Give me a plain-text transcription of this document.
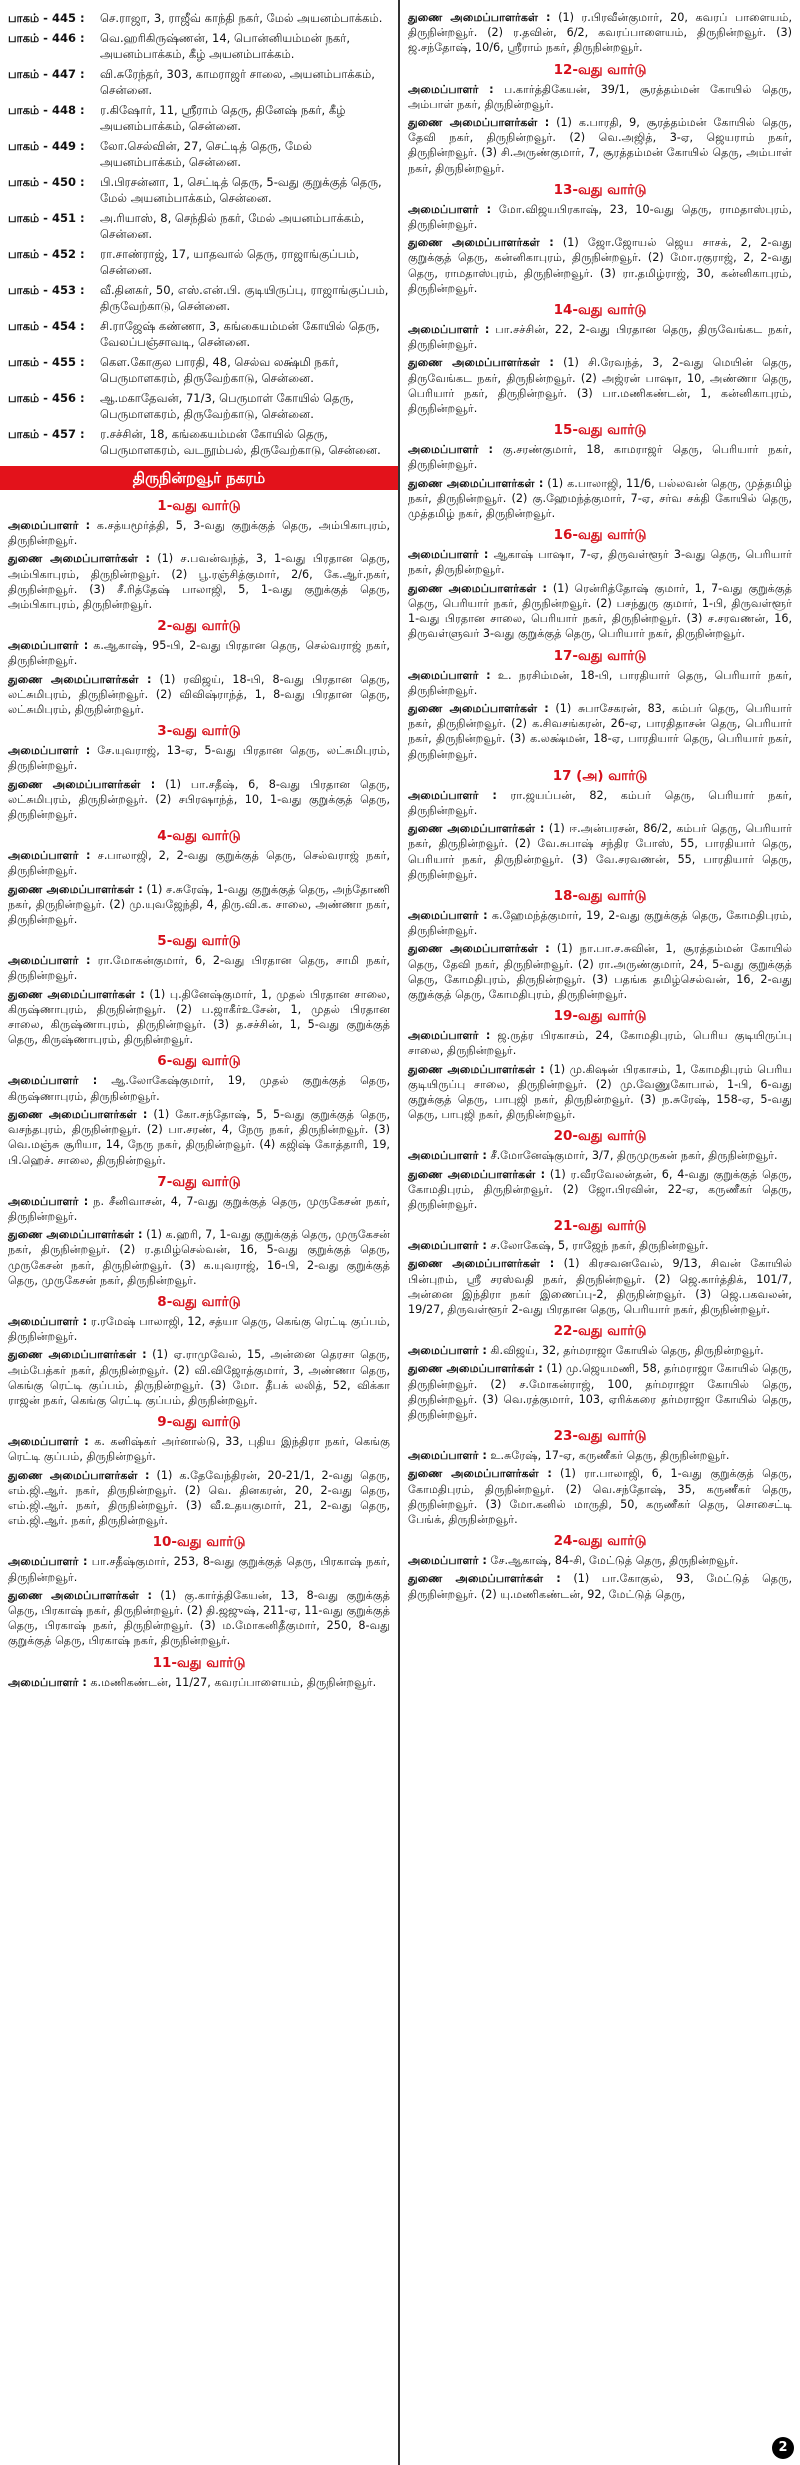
பாகம் - 445 :	செ.ராஜா, 3, ராஜீவ் காந்தி நகர், மேல் அயனம்பாக்கம்.
பாகம் - 446 :	வெ.ஹரிகிருஷ்ணன், 14, பொன்னியம்மன் நகர், அயனம்பாக்கம், கீழ் அயனம்பாக்கம்.
பாகம் - 447 :	வி.சுரேந்தர், 303, காமராஜர் சாலை, அயனம்பாக்கம், சென்னை.
பாகம் - 448 :	ர.கிஷோர், 11, ஸ்ரீராம் தெரு, தினேஷ் நகர், கீழ் அயனம்பாக்கம், சென்னை.
பாகம் - 449 :	லோ.செல்வின், 27, செட்டித் தெரு, மேல் அயனம்பாக்கம், சென்னை.
பாகம் - 450 :	பி.பிரசன்னா, 1, செட்டித் தெரு, 5-வது குறுக்குத் தெரு, மேல் அயனம்பாக்கம், சென்னை.
பாகம் - 451 :	அ.ரியாஸ், 8, செந்தில் நகர், மேல் அயனம்பாக்கம், சென்னை.
பாகம் - 452 :	ரா.சாண்ராஜ், 17, யாதவால் தெரு, ராஜாங்குப்பம், சென்னை.
பாகம் - 453 :	வீ.தினகர், 50, எஸ்.என்.பி. குடியிருப்பு, ராஜாங்குப்பம், திருவேற்காடு, சென்னை.
பாகம் - 454 :	சி.ராஜேஷ் கண்ணா, 3, கங்கையம்மன் கோயில் தெரு, வேலப்பஞ்சாவடி, சென்னை.
பாகம் - 455 :	கௌ.கோகுல பாரதி, 48, செல்வ லக்ஷ்மி நகர், பெருமாளகரம், திருவேற்காடு, சென்னை.
பாகம் - 456 :	ஆ.மகாதேவன், 71/3, பெருமாள் கோயில் தெரு, பெருமாளகரம், திருவேற்காடு, சென்னை.
பாகம் - 457 :	ர.சச்சின், 18, கங்கையம்மன் கோயில் தெரு, பெருமாளகரம், வடநூம்பல், திருவேற்காடு, சென்னை.
திருநின்றவூர் நகரம்
1-வது வார்டு

அமைப்பாளர் : க.சத்யமூர்த்தி, 5, 3-வது குறுக்குத் தெரு, அம்பிகாபுரம், திருநின்றவூர்.

துணை அமைப்பாளர்கள் : (1) ச.பவன்வந்த், 3, 1-வது பிரதான தெரு, அம்பிகாபுரம், திருநின்றவூர். (2) பூ.ரஞ்சித்குமார், 2/6, கே.ஆர்.நகர், திருநின்றவூர். (3) சீ.ரித்தேஷ் பாலாஜி, 5, 1-வது குறுக்குத் தெரு, அம்பிகாபுரம், திருநின்றவூர்.

2-வது வார்டு

அமைப்பாளர் : க.ஆகாஷ், 95-பி, 2-வது பிரதான தெரு, செல்வராஜ் நகர், திருநின்றவூர்.

துணை அமைப்பாளர்கள் : (1) ரவிஜய், 18-பி, 8-வது பிரதான தெரு, லட்சுமிபுரம், திருநின்றவூர். (2) விவிஷ்ராந்த், 1, 8-வது பிரதான தெரு, லட்சுமிபுரம், திருநின்றவூர்.

3-வது வார்டு

அமைப்பாளர் : சே.யுவராஜ், 13-ஏ, 5-வது பிரதான தெரு, லட்சுமிபுரம், திருநின்றவூர்.

துணை அமைப்பாளர்கள் : (1) பா.சதீஷ், 6, 8-வது பிரதான தெரு, லட்சுமிபுரம், திருநின்றவூர். (2) சபிரஷாந்த், 10, 1-வது குறுக்குத் தெரு, திருநின்றவூர்.

4-வது வார்டு

அமைப்பாளர் : ச.பாலாஜி, 2, 2-வது குறுக்குத் தெரு, செல்வராஜ் நகர், திருநின்றவூர்.

துணை அமைப்பாளர்கள் : (1) ச.சுரேஷ், 1-வது குறுக்குத் தெரு, அந்தோணி நகர், திருநின்றவூர். (2) மு.யுவஜேந்தி, 4, திரு.வி.க. சாலை, அண்ணா நகர், திருநின்றவூர்.

5-வது வார்டு

அமைப்பாளர் : ரா.மோகன்குமார், 6, 2-வது பிரதான தெரு, சாமி நகர், திருநின்றவூர்.

துணை அமைப்பாளர்கள் : (1) பு.தினேஷ்குமார், 1, முதல் பிரதான சாலை, கிருஷ்ணாபுரம், திருநின்றவூர். (2) ப.ஜாகீர்உசேன், 1, முதல் பிரதான சாலை, கிருஷ்ணாபுரம், திருநின்றவூர். (3) த.சச்சின், 1, 5-வது குறுக்குத் தெரு, கிருஷ்ணாபுரம், திருநின்றவூர்.

6-வது வார்டு

அமைப்பாளர் : ஆ.லோகேஷ்குமார், 19, முதல் குறுக்குத் தெரு, கிருஷ்ணாபுரம், திருநின்றவூர்.

துணை அமைப்பாளர்கள் : (1) கோ.சந்தோஷ், 5, 5-வது குறுக்குத் தெரு, வசந்தபுரம், திருநின்றவூர். (2) பா.சரண், 4, நேரு நகர், திருநின்றவூர். (3) வெ.மஞ்சு சூரியா, 14, நேரு நகர், திருநின்றவூர். (4) கஜிஷ் கோத்தாரி, 19, பி.ஹெச். சாலை, திருநின்றவூர்.

7-வது வார்டு

அமைப்பாளர் : ந. சீனிவாசன், 4, 7-வது குறுக்குத் தெரு, முருகேசன் நகர், திருநின்றவூர்.

துணை அமைப்பாளர்கள் : (1) க.ஹரி, 7, 1-வது குறுக்குத் தெரு, முருகேசன் நகர், திருநின்றவூர். (2) ர.தமிழ்செல்வன், 16, 5-வது குறுக்குத் தெரு, முருகேசன் நகர், திருநின்றவூர். (3) க.யுவராஜ், 16-பி, 2-வது குறுக்குத் தெரு, முருகேசன் நகர், திருநின்றவூர்.

8-வது வார்டு

அமைப்பாளர் : ர.ரமேஷ் பாலாஜி, 12, சத்யா தெரு, கெங்கு ரெட்டி குப்பம், திருநின்றவூர்.

துணை அமைப்பாளர்கள் : (1) ஏ.ராமுவேல், 15, அன்னை தெரசா தெரு, அம்பேத்கர் நகர், திருநின்றவூர். (2) வி.விஜோத்குமார், 3, அண்ணா தெரு, கெங்கு ரெட்டி குப்பம், திருநின்றவூர். (3) மோ. தீபக் லலித், 52, விக்கா ராஜன் நகர், கெங்கு ரெட்டி குப்பம், திருநின்றவூர்.

9-வது வார்டு

அமைப்பாளர் : க. கனிஷ்கர் அர்னால்டு, 33, புதிய இந்திரா நகர், கெங்கு ரெட்டி குப்பம், திருநின்றவூர்.

துணை அமைப்பாளர்கள் : (1) க.தேவேந்திரன், 20-21/1, 2-வது தெரு, எம்.ஜி.ஆர். நகர், திருநின்றவூர். (2) வெ. தினகரன், 20, 2-வது தெரு, எம்.ஜி.ஆர். நகர், திருநின்றவூர். (3) வீ.உதயகுமார், 21, 2-வது தெரு, எம்.ஜி.ஆர். நகர், திருநின்றவூர்.

10-வது வார்டு

அமைப்பாளர் : பா.சதீஷ்குமார், 253, 8-வது குறுக்குத் தெரு, பிரகாஷ் நகர், திருநின்றவூர்.

துணை அமைப்பாளர்கள் : (1) கு.கார்த்திகேயன், 13, 8-வது குறுக்குத் தெரு, பிரகாஷ் நகர், திருநின்றவூர். (2) தி.ஜஜுஷ், 211-ஏ, 11-வது குறுக்குத் தெரு, பிரகாஷ் நகர், திருநின்றவூர். (3) ம.மோகனிதீகுமார், 250, 8-வது குறுக்குத் தெரு, பிரகாஷ் நகர், திருநின்றவூர்.

11-வது வார்டு

அமைப்பாளர் : க.மணிகண்டன், 11/27, கவரப்பாளையம், திருநின்றவூர்.

துணை அமைப்பாளர்கள் : (1) ர.பிரவீன்குமார், 20, கவரப் பாளையம், திருநின்றவூர். (2) ர.தவின், 6/2, கவரப்பாளையம், திருநின்றவூர். (3) ஜ.சந்தோஷ், 10/6, ஸ்ரீராம் நகர், திருநின்றவூர்.

12-வது வார்டு

அமைப்பாளர் : ப.கார்த்திகேயன், 39/1, சூரத்தம்மன் கோயில் தெரு, அம்பாள் நகர், திருநின்றவூர்.

துணை அமைப்பாளர்கள் : (1) க.பாரதி, 9, சூரத்தம்மன் கோயில் தெரு, தேவி நகர், திருநின்றவூர். (2) வெ.அஜித், 3-ஏ, ஜெயராம் நகர், திருநின்றவூர். (3) சி.அருண்குமார், 7, சூரத்தம்மன் கோயில் தெரு, அம்பாள் நகர், திருநின்றவூர்.

13-வது வார்டு

அமைப்பாளர் : மோ.விஜயபிரகாஷ், 23, 10-வது தெரு, ராமதாஸ்புரம், திருநின்றவூர்.

துணை அமைப்பாளர்கள் : (1) ஜோ.ஜோயல் ஜெய சாசக், 2, 2-வது குறுக்குத் தெரு, கன்னிகாபுரம், திருநின்றவூர். (2) மோ.ரகுராஜ், 2, 2-வது தெரு, ராமதாஸ்புரம், திருநின்றவூர். (3) ரா.தமிழ்ராஜ், 30, கன்னிகாபுரம், திருநின்றவூர்.

14-வது வார்டு

அமைப்பாளர் : பா.சச்சின், 22, 2-வது பிரதான தெரு, திருவேங்கட நகர், திருநின்றவூர்.

துணை அமைப்பாளர்கள் : (1) சி.ரேவந்த், 3, 2-வது மெயின் தெரு, திருவேங்கட நகர், திருநின்றவூர். (2) அஜ்ரன் பாஷா, 10, அண்ணா தெரு, பெரியார் நகர், திருநின்றவூர். (3) பா.மணிகண்டன், 1, கன்னிகாபுரம், திருநின்றவூர்.

15-வது வார்டு

அமைப்பாளர் : கு.சரண்குமார், 18, காமராஜர் தெரு, பெரியார் நகர், திருநின்றவூர்.

துணை அமைப்பாளர்கள் : (1) க.பாலாஜி, 11/6, பல்லவன் தெரு, முத்தமிழ் நகர், திருநின்றவூர். (2) கு.ஹேமந்த்குமார், 7-ஏ, சர்வ சக்தி கோயில் தெரு, முத்தமிழ் நகர், திருநின்றவூர்.

16-வது வார்டு

அமைப்பாளர் : ஆகாஷ் பாஷா, 7-ஏ, திருவள்ளூர் 3-வது தெரு, பெரியார் நகர், திருநின்றவூர்.

துணை அமைப்பாளர்கள் : (1) ரென்ரித்தோஷ் குமார், 1, 7-வது குறுக்குத் தெரு, பெரியார் நகர், திருநின்றவூர். (2) பசந்துரு குமார், 1-பி, திருவள்ளூர் 1-வது பிரதான சாலை, பெரியார் நகர், திருநின்றவூர். (3) ச.சரவணன், 16, திருவள்ளுவர் 3-வது குறுக்குத் தெரு, பெரியார் நகர், திருநின்றவூர்.

17-வது வார்டு

அமைப்பாளர் : உ. நரசிம்மன், 18-பி, பாரதியார் தெரு, பெரியார் நகர், திருநின்றவூர்.

துணை அமைப்பாளர்கள் : (1) சுபாசேகரன், 83, கம்பர் தெரு, பெரியார் நகர், திருநின்றவூர். (2) க.சிவசங்கரன், 26-ஏ, பாரதிதாசன் தெரு, பெரியார் நகர், திருநின்றவூர். (3) க.லக்ஷ்மன், 18-ஏ, பாரதியார் தெரு, பெரியார் நகர், திருநின்றவூர்.

17 (அ) வார்டு

அமைப்பாளர் : ரா.ஜயப்பன், 82, கம்பர் தெரு, பெரியார் நகர், திருநின்றவூர்.

துணை அமைப்பாளர்கள் : (1) ஈ.அன்பரசன், 86/2, கம்பர் தெரு, பெரியார் நகர், திருநின்றவூர். (2) வே.சுபாஷ் சந்திர போஸ், 55, பாரதியார் தெரு, பெரியார் நகர், திருநின்றவூர். (3) வே.சரவணன், 55, பாரதியார் தெரு, திருநின்றவூர்.

18-வது வார்டு

அமைப்பாளர் : க.ஹேமந்த்குமார், 19, 2-வது குறுக்குத் தெரு, கோமதிபுரம், திருநின்றவூர்.

துணை அமைப்பாளர்கள் : (1) நா.பா.ச.சுவின், 1, சூரத்தம்மன் கோயில் தெரு, தேவி நகர், திருநின்றவூர். (2) ரா.அருண்குமார், 24, 5-வது குறுக்குத் தெரு, கோமதிபுரம், திருநின்றவூர். (3) பதங்க தமிழ்செல்வன், 16, 2-வது குறுக்குத் தெரு, கோமதிபுரம், திருநின்றவூர்.

19-வது வார்டு

அமைப்பாளர் : ஜ.ருத்ர பிரகாசம், 24, கோமதிபுரம், பெரிய குடியிருப்பு சாலை, திருநின்றவூர்.

துணை அமைப்பாளர்கள் : (1) மு.கிஷன் பிரகாசம், 1, கோமதிபுரம் பெரிய குடியிருப்பு சாலை, திருநின்றவூர். (2) மு.வேணுகோபால், 1-பி, 6-வது குறுக்குத் தெரு, பாபுஜி நகர், திருநின்றவூர். (3) ந.சுரேஷ், 158-ஏ, 5-வது தெரு, பாபுஜி நகர், திருநின்றவூர்.

20-வது வார்டு

அமைப்பாளர் : சீ.மோனேஷ்குமார், 3/7, திருமுருகன் நகர், திருநின்றவூர்.

துணை அமைப்பாளர்கள் : (1) ர.வீரவேலன்தன், 6, 4-வது குறுக்குத் தெரு, கோமதிபுரம், திருநின்றவூர். (2) ஜோ.பிரவின், 22-ஏ, கருணீகர் தெரு, திருநின்றவூர்.

21-வது வார்டு

அமைப்பாளர் : ச.லோகேஷ், 5, ராஜேந் நகர், திருநின்றவூர்.

துணை அமைப்பாளர்கள் : (1) கிரசவனவேல், 9/13, சிவன் கோயில் பின்புறம், ஸ்ரீ சரஸ்வதி நகர், திருநின்றவூர். (2) ஜெ.கார்த்திக், 101/7, அன்னை இந்திரா நகர் இணைப்பு-2, திருநின்றவூர். (3) ஜெ.பகவலன், 19/27, திருவள்ளூர் 2-வது பிரதான தெரு, பெரியார் நகர், திருநின்றவூர்.

22-வது வார்டு

அமைப்பாளர் : கி.விஜய், 32, தர்மராஜா கோயில் தெரு, திருநின்றவூர்.

துணை அமைப்பாளர்கள் : (1) மு.ஜெயமணி, 58, தர்மராஜா கோயில் தெரு, திருநின்றவூர். (2) ச.மோகன்ராஜ், 100, தர்மராஜா கோயில் தெரு, திருநின்றவூர். (3) வெ.ரத்குமார், 103, ஏரிக்கரை தர்மராஜா கோயில் தெரு, திருநின்றவூர்.

23-வது வார்டு

அமைப்பாளர் : உ.சுரேஷ், 17-ஏ, கருணீகர் தெரு, திருநின்றவூர்.

துணை அமைப்பாளர்கள் : (1) ரா.பாலாஜி, 6, 1-வது குறுக்குத் தெரு, கோமதிபுரம், திருநின்றவூர். (2) வெ.சந்தோஷ், 35, கருணீகர் தெரு, திருநின்றவூர். (3) மோ.கனில் மாருதி, 50, கருணீகர் தெரு, சொசைட்டி பேங்க், திருநின்றவூர்.

24-வது வார்டு

அமைப்பாளர் : சே.ஆகாஷ், 84-சி, மேட்டுத் தெரு, திருநின்றவூர்.

துணை அமைப்பாளர்கள் : (1) பா.கோகுல், 93, மேட்டுத் தெரு, திருநின்றவூர். (2) யு.மணிகண்டன், 92, மேட்டுத் தெரு,

2
